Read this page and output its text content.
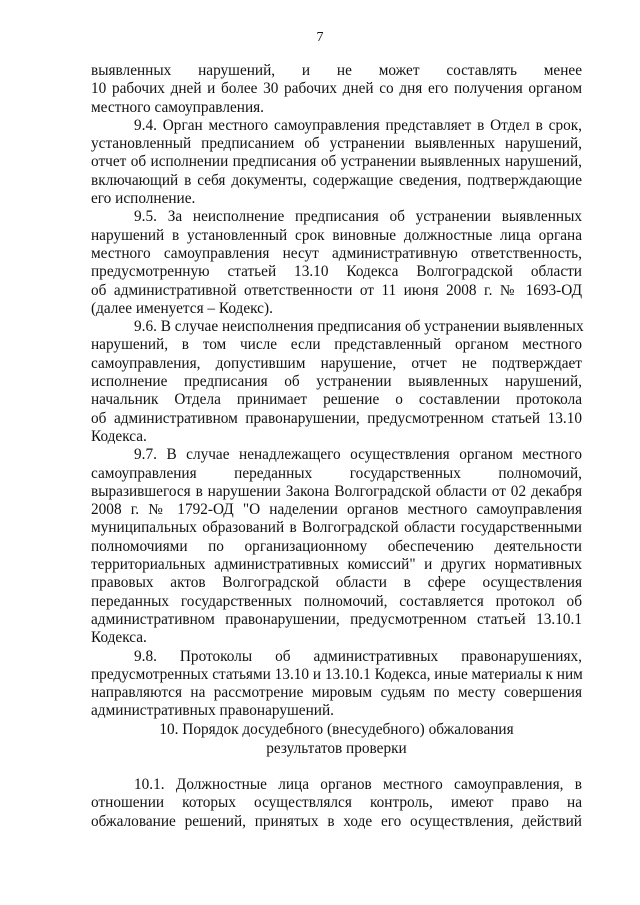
7
выявленных нарушений, и не может составлять менее
10 рабочих дней и более 30 рабочих дней со дня его получения органом
местного самоуправления.
9.4. Орган местного самоуправления представляет в Отдел в срок,
установленный предписанием об устранении выявленных нарушений,
отчет об исполнении предписания об устранении выявленных нарушений,
включающий в себя документы, содержащие сведения, подтверждающие
его исполнение.
9.5. За неисполнение предписания об устранении выявленных
нарушений в установленный срок виновные должностные лица органа
местного самоуправления несут административную ответственность,
предусмотренную статьей 13.10 Кодекса Волгоградской области
об административной ответственности от 11 июня 2008 г. № 1693-ОД
(далее именуется – Кодекс).
9.6. В случае неисполнения предписания об устранении выявленных
нарушений, в том числе если представленный органом местного
самоуправления, допустившим нарушение, отчет не подтверждает
исполнение предписания об устранении выявленных нарушений,
начальник Отдела принимает решение о составлении протокола
об административном правонарушении, предусмотренном статьей 13.10
Кодекса.
9.7. В случае ненадлежащего осуществления органом местного
самоуправления переданных государственных полномочий,
выразившегося в нарушении Закона Волгоградской области от 02 декабря
2008 г. № 1792-ОД "О наделении органов местного самоуправления
муниципальных образований в Волгоградской области государственными
полномочиями по организационному обеспечению деятельности
территориальных административных комиссий" и других нормативных
правовых актов Волгоградской области в сфере осуществления
переданных государственных полномочий, составляется протокол об
административном правонарушении, предусмотренном статьей 13.10.1
Кодекса.
9.8. Протоколы об административных правонарушениях,
предусмотренных статьями 13.10 и 13.10.1 Кодекса, иные материалы к ним
направляются на рассмотрение мировым судьям по месту совершения
административных правонарушений.
10. Порядок досудебного (внесудебного) обжалования
результатов проверки
10.1. Должностные лица органов местного самоуправления, в
отношении которых осуществлялся контроль, имеют право на
обжалование решений, принятых в ходе его осуществления, действий
